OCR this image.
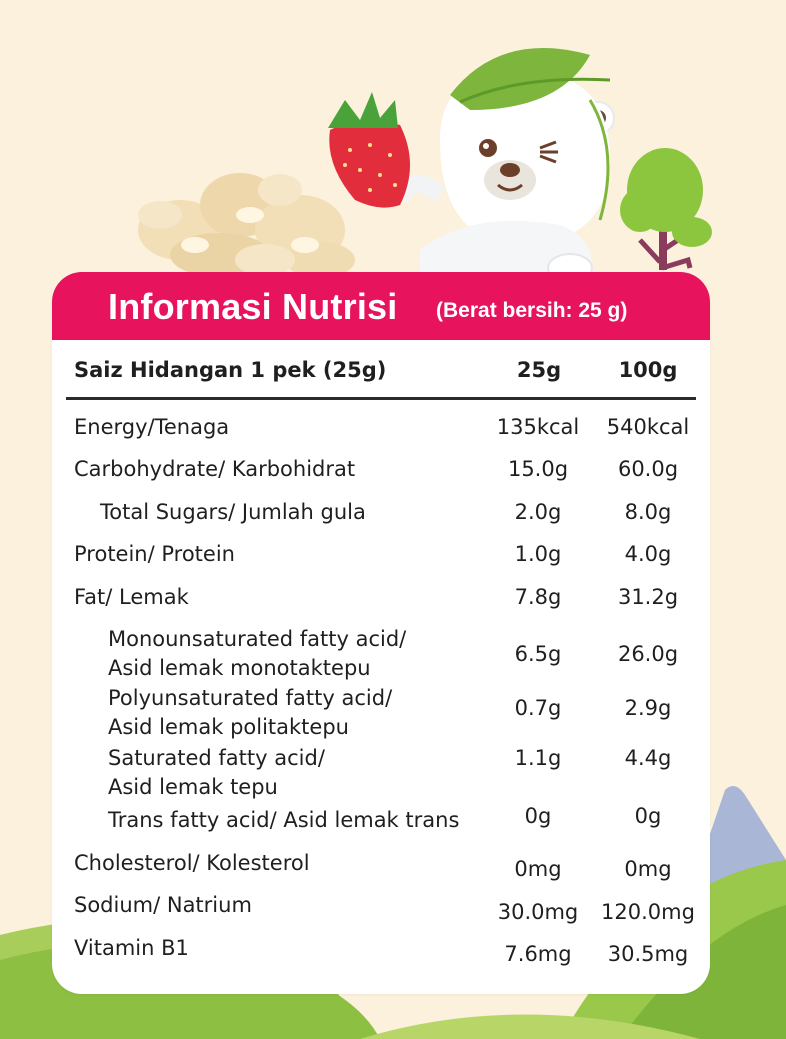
Informasi Nutrisi (Berat bersih: 25 g)
Saiz Hidangan 1 pek (25g)	25g	100g
Energy/Tenaga	135kcal	540kcal
Carbohydrate/ Karbohidrat	15.0g	60.0g
Total Sugars/ Jumlah gula	2.0g	8.0g
Protein/ Protein	1.0g	4.0g
Fat/ Lemak	7.8g	31.2g
Monounsaturated fatty acid/
Asid lemak monotaktepu
6.5g	26.0g
Polyunsaturated fatty acid/
Asid lemak politaktepu
0.7g	2.9g
Saturated fatty acid/
Asid lemak tepu
1.1g	4.4g
Trans fatty acid/ Asid lemak trans	0g	0g
Cholesterol/ Kolesterol	0mg	0mg
Sodium/ Natrium	30.0mg	120.0mg
Vitamin B1	7.6mg	30.5mg
